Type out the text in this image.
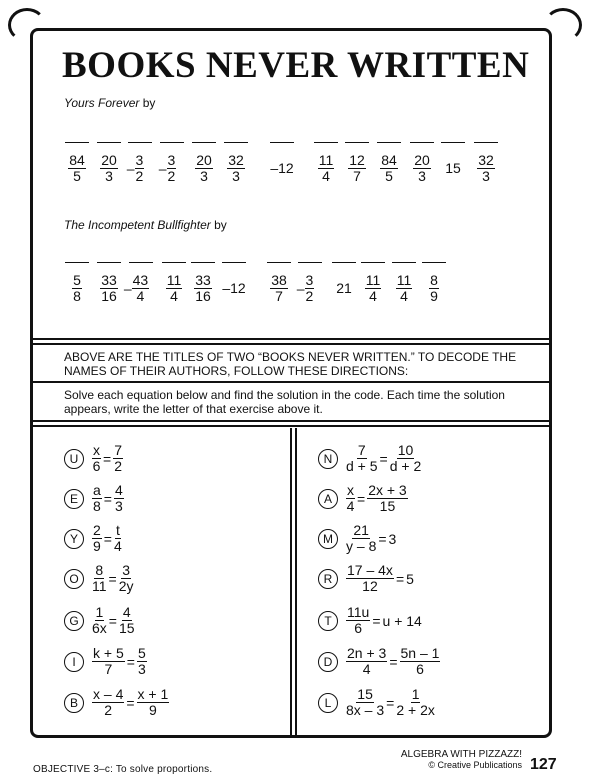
BOOKS NEVER WRITTEN
Yours Forever by
$\frac{84}{5} \frac{20}{3} - \frac{3}{2}$	– $\frac{3}{2} \frac{20}{3} \frac{32}{3} -12 \frac{11}{4} \frac{12}{7} \frac{84}{5} \frac{20}{3}$	15	$\frac{32}{3}$
The Incompetent Bullfighter by
$\frac{5}{8} \frac{33}{16} - \frac{43}{4} \frac{11}{4} \frac{33}{16} -12 \frac{38}{7} - \frac{3}{2}$	$21 \frac{11}{4} \frac{11}{4} \frac{8}{9}$
ABOVE ARE THE TITLES OF TWO “BOOKS NEVER WRITTEN.” TO DECODE THE NAMES OF THEIR AUTHORS, FOLLOW THESE DIRECTIONS:
Solve each equation below and find the solution in the code. Each time the solution appears, write the letter of that exercise above it.
U $\frac{x}{6} = \frac{7}{2}$
E	$\frac{a}{8} = \frac{4}{3}$
Y	$\frac{2}{9} = \frac{t}{4}$
O $\frac{8}{11} = \frac{3}{2y}$
G $\frac{1}{6x} = \frac{4}{15}$
I	$\frac{k + 5}{7} = \frac{5}{3}$
B	$\frac{x - 4}{2} = \frac{x + 1}{9}$
N $\frac{7}{d + 5} = \frac{10}{d + 2}$
A	$\frac{x}{4} = \frac{2x + 3}{15}$
M $\frac{21}{y - 8} = 3$
R $\frac{17 - 4x}{12} = 5$
T	$\frac{11u}{6} = u + 14$
D $\frac{2n + 3}{4} = \frac{5n - 1}{6}$
L	$\frac{15}{8x - 3} = \frac{1}{2 + 2x}$
OBJECTIVE 3–c: To solve proportions.
ALGEBRA WITH PIZZAZZ!
© Creative Publications 127
